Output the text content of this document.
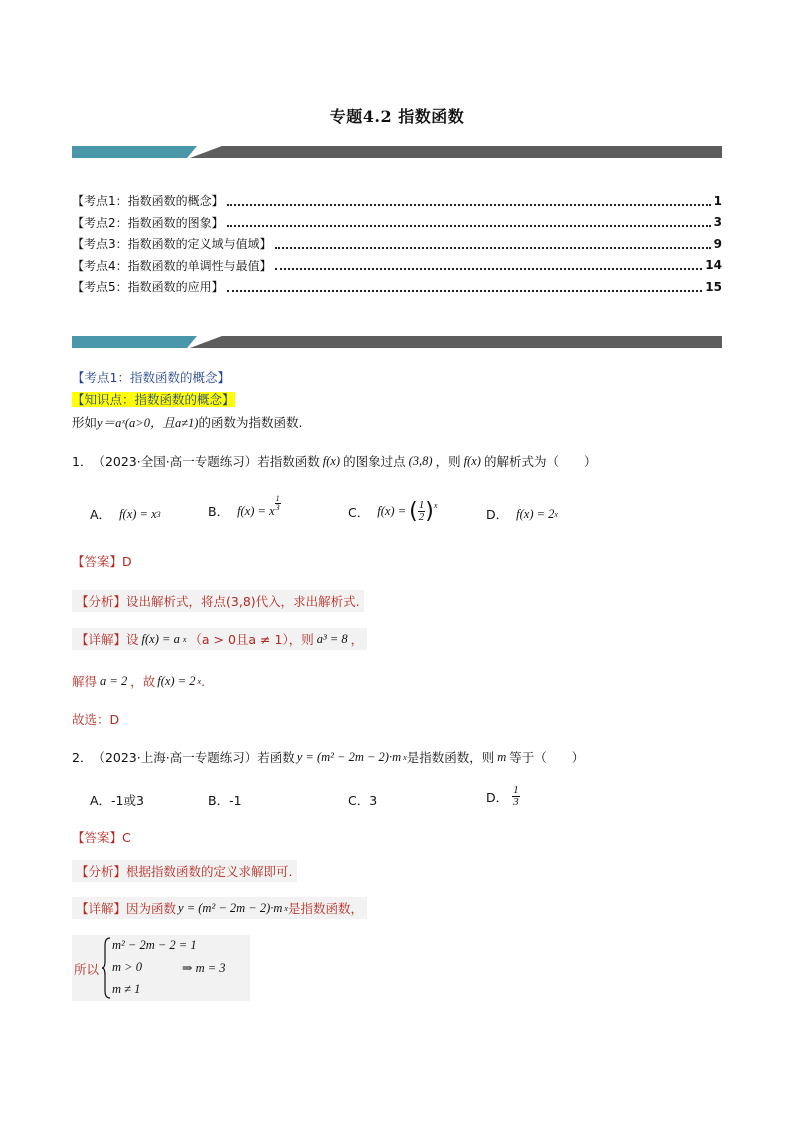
专题4.2 指数函数
【考点1：指数函数的概念】	1
【考点2：指数函数的图象】	3
【考点3：指数函数的定义域与值域】	9
【考点4：指数函数的单调性与最值】	14
【考点5：指数函数的应用】	15
【考点1：指数函数的概念】
【知识点：指数函数的概念】
形如 y＝aˣ(a>0，且a≠1) 的函数为指数函数.
1． （2023·全国·高一专题练习） 若指数函数 f(x) 的图象过点 (3,8) ，则 f(x) 的解析式为（　　）
A． f(x) = x 3	B． f(x) = x $\frac{1}{3}$
C． f(x) = ( $\frac{1}{2} )^x$
D． f(x) = 2 x
【答案】 D
【分析】 设出解析式，将点(3,8)代入，求出解析式.
【详解】 设 f(x) = a x （a > 0且a ≠ 1），则 a³ = 8 ，
解得 a = 2 ，故 f(x) = 2 x .
故选：D
2． （2023·上海·高一专题练习） 若函数 y = (m² − 2m − 2)·m x 是指数函数，则 m 等于（　　）
A．-1或3	B．-1	C．3	D． $\frac{1}{3}$
【答案】 C
【分析】 根据指数函数的定义求解即可.
【详解】 因为函数 y = (m² − 2m − 2)·m x 是指数函数，
所以
m² − 2m − 2 = 1
m > 0
m ≠ 1
⇒ m = 3
